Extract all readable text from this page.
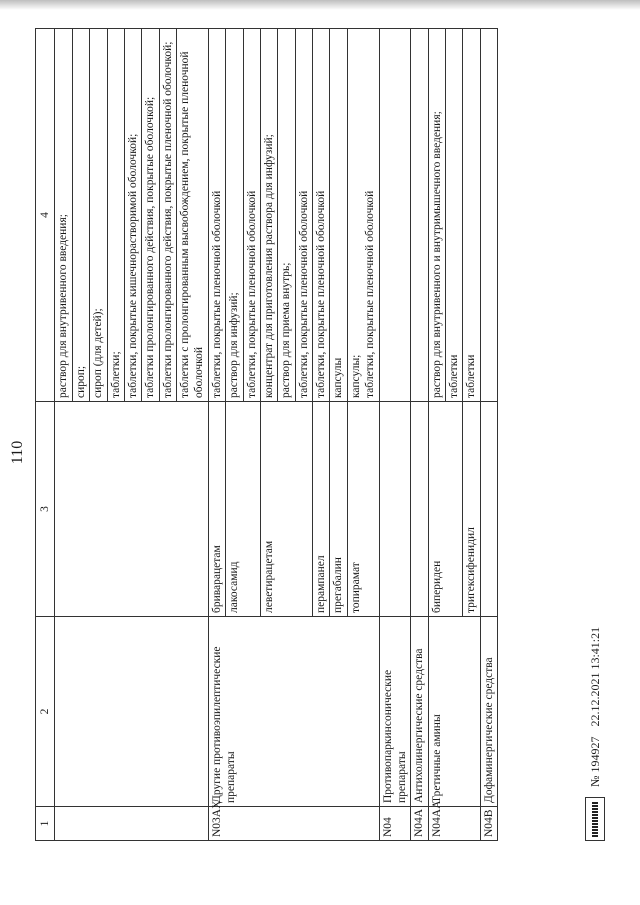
110
1	2	3	4
			раствор для внутривенного введения;
			сироп;
			сироп (для детей);
			таблетки;
			таблетки, покрытые кишечнорастворимой оболочкой;
			таблетки пролонгированного действия, покрытые оболочкой;
			таблетки пролонгированного действия, покрытые пленочной оболочкой;
			таблетки с пролонгированным высвобождением, покрытые пленочной оболочкой
N03AX	Другие противоэпилептические препараты	бриварацетам	таблетки, покрытые пленочной оболочкой
		лакосамид	раствор для инфузий;
			таблетки, покрытые пленочной оболочкой
		леветирацетам	концентрат для приготовления раствора для инфузий;
			раствор для приема внутрь;
			таблетки, покрытые пленочной оболочкой
		перампанел	таблетки, покрытые пленочной оболочкой
		прегабалин	капсулы
		топирамат	капсулы; таблетки, покрытые пленочной оболочкой

N04	Противопаркинсонические препараты		
N04A	Антихолинергические средства		
N04AA	Третичные амины	бипериден	раствор для внутривенного и внутримышечного введения;
			таблетки
		тригексифенидил	таблетки
N04B	Дофаминергические средства			№ 194927
22.12.2021 13:41:21
